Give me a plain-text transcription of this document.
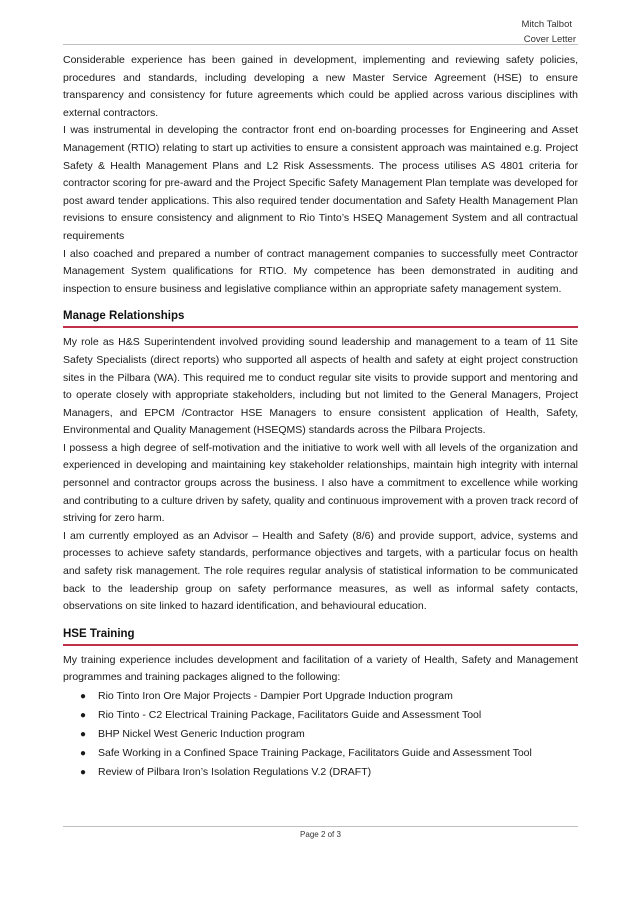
Mitch Talbot
Cover Letter

Considerable experience has been gained in development, implementing and reviewing safety policies, procedures and standards, including developing a new Master Service Agreement (HSE) to ensure transparency and consistency for future agreements which could be applied across various disciplines with external contractors.

I was instrumental in developing the contractor front end on-boarding processes for Engineering and Asset Management (RTIO) relating to start up activities to ensure a consistent approach was maintained e.g. Project Safety & Health Management Plans and L2 Risk Assessments. The process utilises AS 4801 criteria for contractor scoring for pre-award and the Project Specific Safety Management Plan template was developed for post award tender applications. This also required tender documentation and Safety Health Management Plan revisions to ensure consistency and alignment to Rio Tinto’s HSEQ Management System and all contractual requirements

I also coached and prepared a number of contract management companies to successfully meet Contractor Management System qualifications for RTIO. My competence has been demonstrated in auditing and inspection to ensure business and legislative compliance within an appropriate safety management system.

Manage Relationships

My role as H&S Superintendent involved providing sound leadership and management to a team of 11 Site Safety Specialists (direct reports) who supported all aspects of health and safety at eight project construction sites in the Pilbara (WA). This required me to conduct regular site visits to provide support and mentoring and to operate closely with appropriate stakeholders, including but not limited to the General Managers, Project Managers, and EPCM /Contractor HSE Managers to ensure consistent application of Health, Safety, Environmental and Quality Management (HSEQMS) standards across the Pilbara Projects.

I possess a high degree of self-motivation and the initiative to work well with all levels of the organization and experienced in developing and maintaining key stakeholder relationships, maintain high integrity with internal personnel and contractor groups across the business. I also have a commitment to excellence while working and contributing to a culture driven by safety, quality and continuous improvement with a proven track record of striving for zero harm.

I am currently employed as an Advisor – Health and Safety (8/6) and provide support, advice, systems and processes to achieve safety standards, performance objectives and targets, with a particular focus on health and safety risk management. The role requires regular analysis of statistical information to be communicated back to the leadership group on safety performance measures, as well as informal safety contacts, observations on site linked to hazard identification, and behavioural education.

HSE Training

My training experience includes development and facilitation of a variety of Health, Safety and Management programmes and training packages aligned to the following:

● Rio Tinto Iron Ore Major Projects - Dampier Port Upgrade Induction program
● Rio Tinto - C2 Electrical Training Package, Facilitators Guide and Assessment Tool
● BHP Nickel West Generic Induction program
● Safe Working in a Confined Space Training Package, Facilitators Guide and Assessment Tool
● Review of Pilbara Iron’s Isolation Regulations V.2 (DRAFT)
Page 2 of 3
